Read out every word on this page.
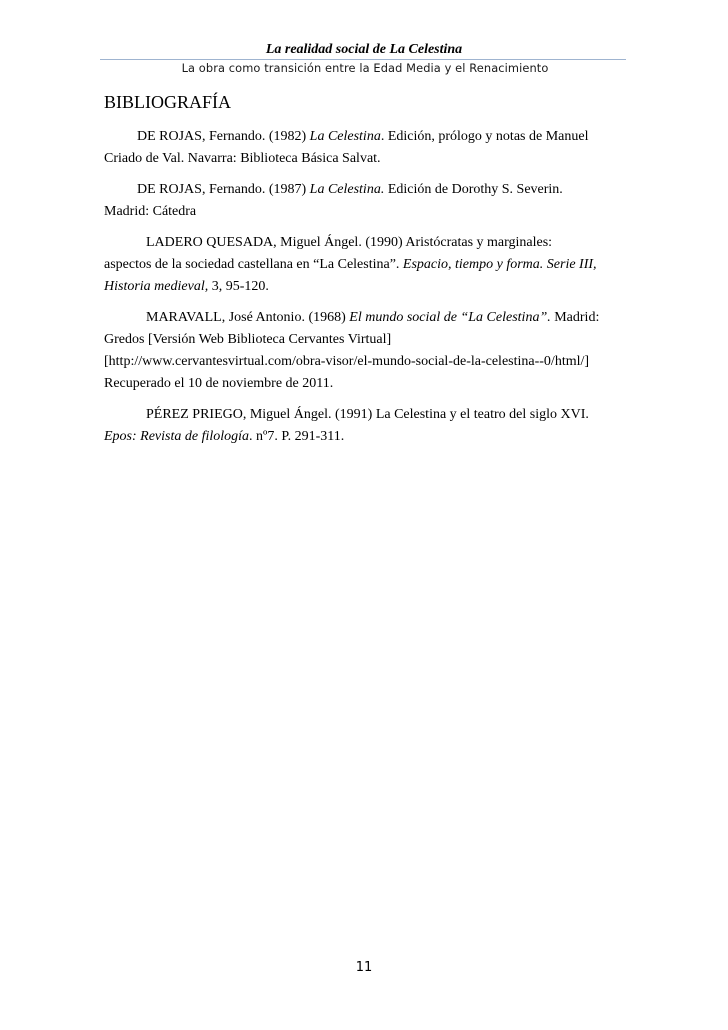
La realidad social de La Celestina
La obra como transición entre la Edad Media y el Renacimiento
BIBLIOGRAFÍA
DE ROJAS, Fernando. (1982) La Celestina. Edición, prólogo y notas de Manuel
Criado de Val. Navarra: Biblioteca Básica Salvat.
DE ROJAS, Fernando. (1987) La Celestina. Edición de Dorothy S. Severin.
Madrid: Cátedra
LADERO QUESADA, Miguel Ángel. (1990) Aristócratas y marginales:
aspectos de la sociedad castellana en “La Celestina”. Espacio, tiempo y forma. Serie III,
Historia medieval, 3, 95-120.
MARAVALL, José Antonio. (1968) El mundo social de “La Celestina”. Madrid:
Gredos [Versión Web Biblioteca Cervantes Virtual]
[http://www.cervantesvirtual.com/obra-visor/el-mundo-social-de-la-celestina--0/html/]
Recuperado el 10 de noviembre de 2011.
PÉREZ PRIEGO, Miguel Ángel. (1991) La Celestina y el teatro del siglo XVI.
Epos: Revista de filología. nº7. P. 291-311.
11
